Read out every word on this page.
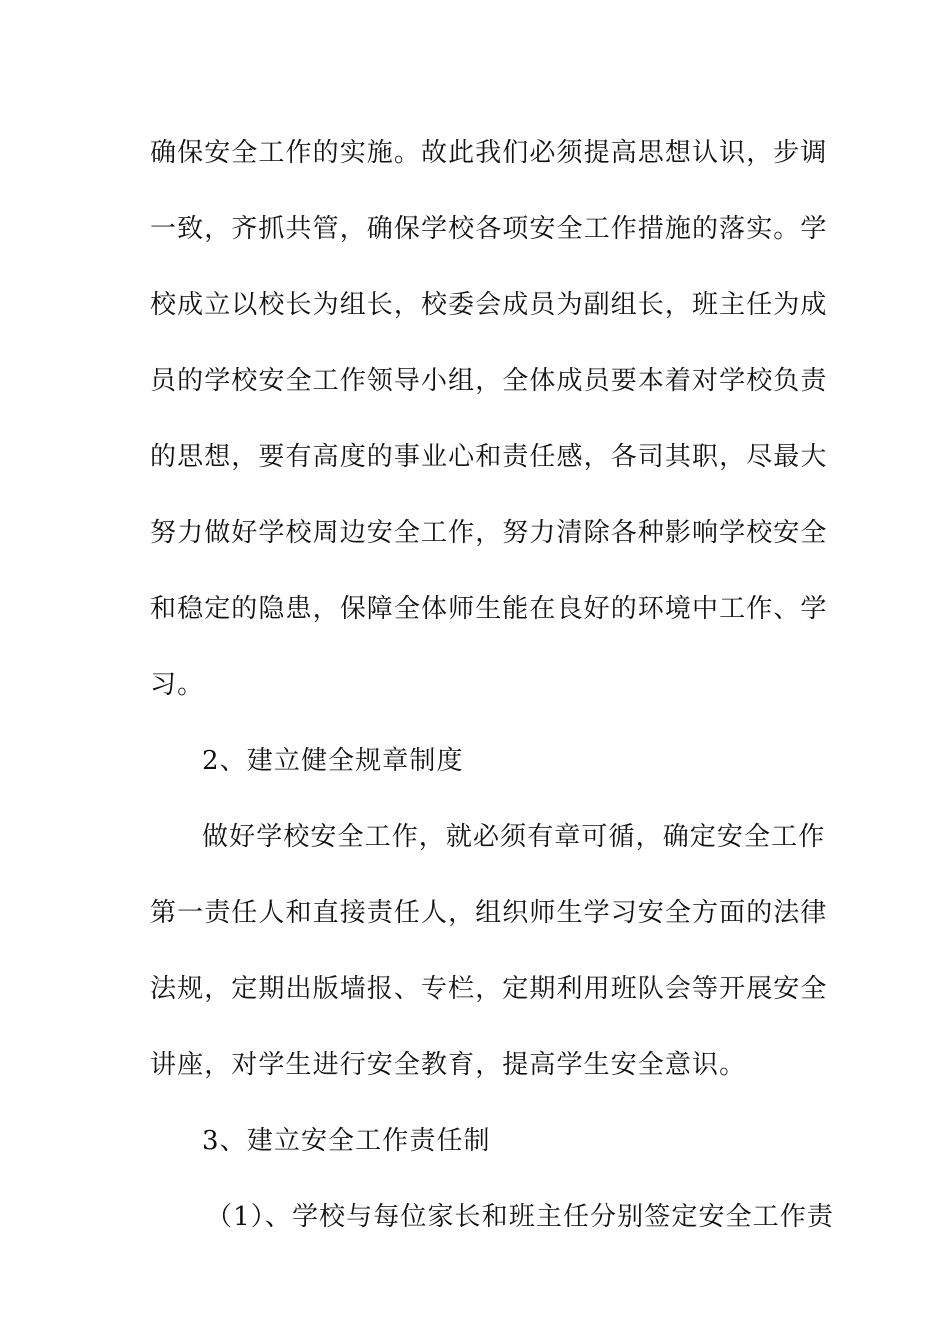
确保安全工作的实施。故此我们必须提高思想认识，步调
一致，齐抓共管，确保学校各项安全工作措施的落实。学
校成立以校长为组长，校委会成员为副组长，班主任为成
员的学校安全工作领导小组，全体成员要本着对学校负责
的思想，要有高度的事业心和责任感，各司其职，尽最大
努力做好学校周边安全工作，努力清除各种影响学校安全
和稳定的隐患，保障全体师生能在良好的环境中工作、学
习。
2、建立健全规章制度
做好学校安全工作，就必须有章可循，确定安全工作
第一责任人和直接责任人，组织师生学习安全方面的法律
法规，定期出版墙报、专栏，定期利用班队会等开展安全
讲座，对学生进行安全教育，提高学生安全意识。
3、建立安全工作责任制
（1）、学校与每位家长和班主任分别签定安全工作责
